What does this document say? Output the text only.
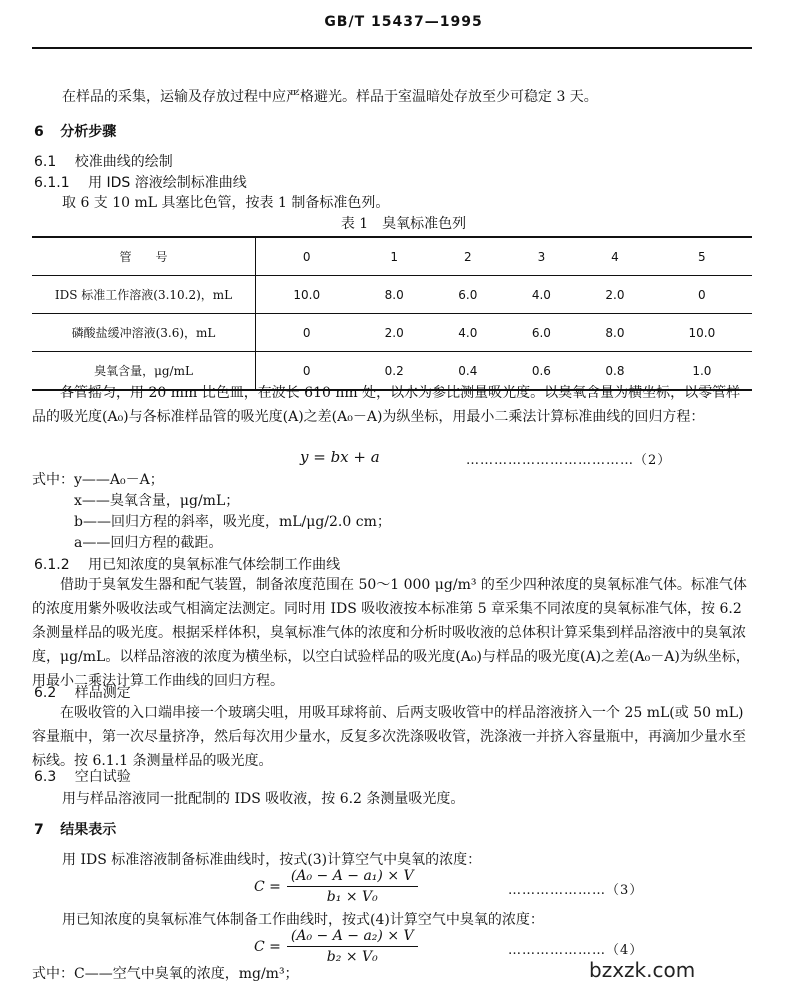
GB/T 15437—1995
在样品的采集，运输及存放过程中应严格避光。样品于室温暗处存放至少可稳定 3 天。
6 分析步骤
6.1 校准曲线的绘制
6.1.1 用 IDS 溶液绘制标准曲线
取 6 支 10 mL 具塞比色管，按表 1 制备标准色列。
表 1　臭氧标准色列
管　　号	0	1	2	3	4	5
IDS 标准工作溶液(3.10.2)，mL	10.0	8.0	6.0	4.0	2.0	0
磷酸盐缓冲溶液(3.6)，mL	0	2.0	4.0	6.0	8.0	10.0
臭氧含量，μg/mL	0	0.2	0.4	0.6	0.8	1.0
各管摇匀，用 20 mm 比色皿，在波长 610 nm 处，以水为参比测量吸光度。以臭氧含量为横坐标，以零管样品的吸光度(A₀)与各标准样品管的吸光度(A)之差(A₀－A)为纵坐标，用最小二乘法计算标准曲线的回归方程：
y = bx + a	………………………………（2）
式中： y——A₀－A；
x——臭氧含量，μg/mL；
b——回归方程的斜率，吸光度，mL/μg/2.0 cm；
a——回归方程的截距。
6.1.2 用已知浓度的臭氧标准气体绘制工作曲线
借助于臭氧发生器和配气装置，制备浓度范围在 50～1 000 μg/m³ 的至少四种浓度的臭氧标准气体。标准气体的浓度用紫外吸收法或气相滴定法测定。同时用 IDS 吸收液按本标准第 5 章采集不同浓度的臭氧标准气体，按 6.2 条测量样品的吸光度。根据采样体积，臭氧标准气体的浓度和分析时吸收液的总体积计算采集到样品溶液中的臭氧浓度，μg/mL。以样品溶液的浓度为横坐标，以空白试验样品的吸光度(A₀)与样品的吸光度(A)之差(A₀－A)为纵坐标，用最小二乘法计算工作曲线的回归方程。
6.2 样品测定
在吸收管的入口端串接一个玻璃尖咀，用吸耳球将前、后两支吸收管中的样品溶液挤入一个 25 mL(或 50 mL)容量瓶中，第一次尽量挤净，然后每次用少量水，反复多次洗涤吸收管，洗涤液一并挤入容量瓶中，再滴加少量水至标线。按 6.1.1 条测量样品的吸光度。
6.3 空白试验
用与样品溶液同一批配制的 IDS 吸收液，按 6.2 条测量吸光度。
7 结果表示
用 IDS 标准溶液制备标准曲线时，按式(3)计算空气中臭氧的浓度：
$C = \frac{\text{(A₀ − A − a₁) × V}}{\text{b₁ × V₀}}$	…………………（3）
用已知浓度的臭氧标准气体制备工作曲线时，按式(4)计算空气中臭氧的浓度：
$C = \frac{\text{(A₀ − A − a₂) × V}}{\text{b₂ × V₀}}$	…………………（4）
式中：C——空气中臭氧的浓度，mg/m³；	bzxzk.com
